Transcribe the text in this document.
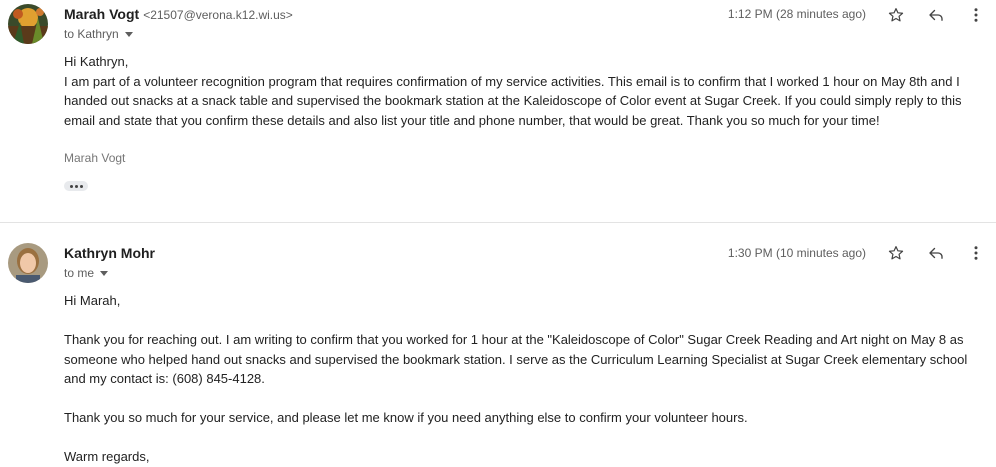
Marah Vogt <21507@verona.k12.wi.us>
to Kathryn
1:12 PM (28 minutes ago)

Hi Kathryn,

I am part of a volunteer recognition program that requires confirmation of my service activities. This email is to confirm that I worked 1 hour on May 8th and I handed out snacks at a snack table and supervised the bookmark station at the Kaleidoscope of Color event at Sugar Creek. If you could simply reply to this email and state that you confirm these details and also list your title and phone number, that would be great. Thank you so much for your time!

Marah Vogt
Kathryn Mohr
to me
1:30 PM (10 minutes ago)

Hi Marah,

Thank you for reaching out. I am writing to confirm that you worked for 1 hour at the "Kaleidoscope of Color" Sugar Creek Reading and Art night on May 8 as someone who helped hand out snacks and supervised the bookmark station. I serve as the Curriculum Learning Specialist at Sugar Creek elementary school and my contact is: (608) 845-4128.

Thank you so much for your service, and please let me know if you need anything else to confirm your volunteer hours.

Warm regards,
